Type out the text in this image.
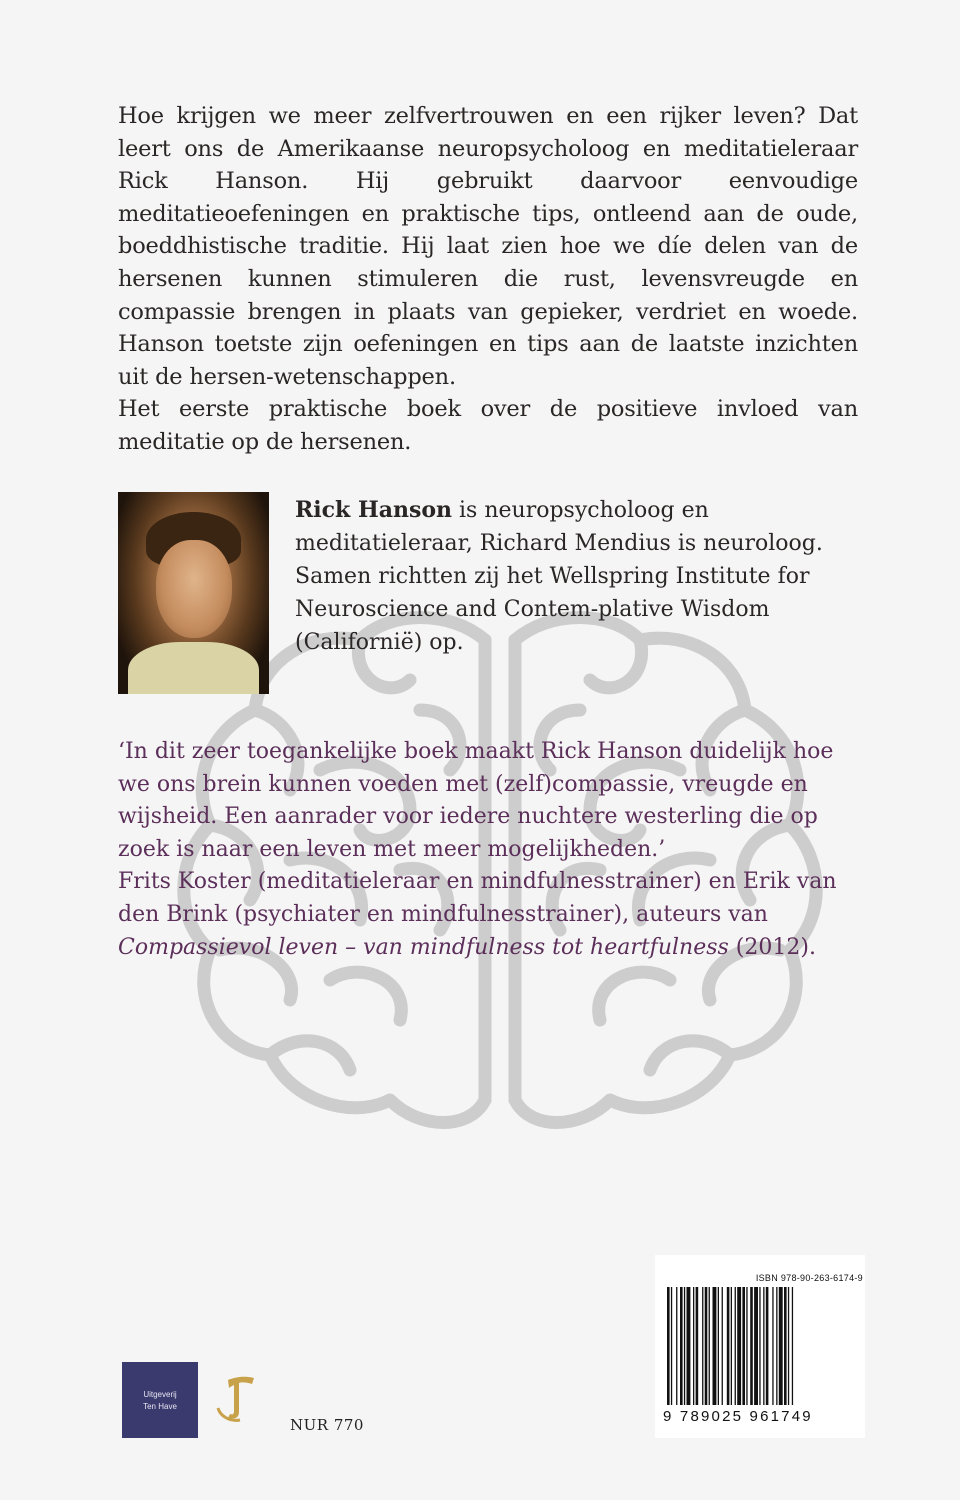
Hoe krijgen we meer zelfvertrouwen en een rijker leven? Dat leert ons de Amerikaanse neuropsycholoog en meditatieleraar Rick Hanson. Hij gebruikt daarvoor eenvoudige meditatieoefeningen en praktische tips, ontleend aan de oude, boeddhistische traditie. Hij laat zien hoe we díe delen van de hersenen kunnen stimuleren die rust, levensvreugde en compassie brengen in plaats van gepieker, verdriet en woede. Hanson toetste zijn oefeningen en tips aan de laatste inzichten uit de hersen-wetenschappen.

Het eerste praktische boek over de positieve invloed van meditatie op de hersenen.

Rick Hanson is neuropsycholoog en meditatieleraar, Richard Mendius is neuroloog. Samen richtten zij het Wellspring Institute for Neuroscience and Contem-plative Wisdom (Californië) op.

‘In dit zeer toegankelijke boek maakt Rick Hanson duidelijk hoe we ons brein kunnen voeden met (zelf)compassie, vreugde en wijsheid. Een aanrader voor iedere nuchtere westerling die op zoek is naar een leven met meer mogelijkheden.’

Frits Koster (meditatieleraar en mindfulnesstrainer) en Erik van den Brink (psychiater en mindfulnesstrainer), auteurs van Compassievol leven – van mindfulness tot heartfulness (2012).

ISBN 978-90-263-6174-9
9 789025 961749
Uitgeverij
Ten Have
NUR 770
